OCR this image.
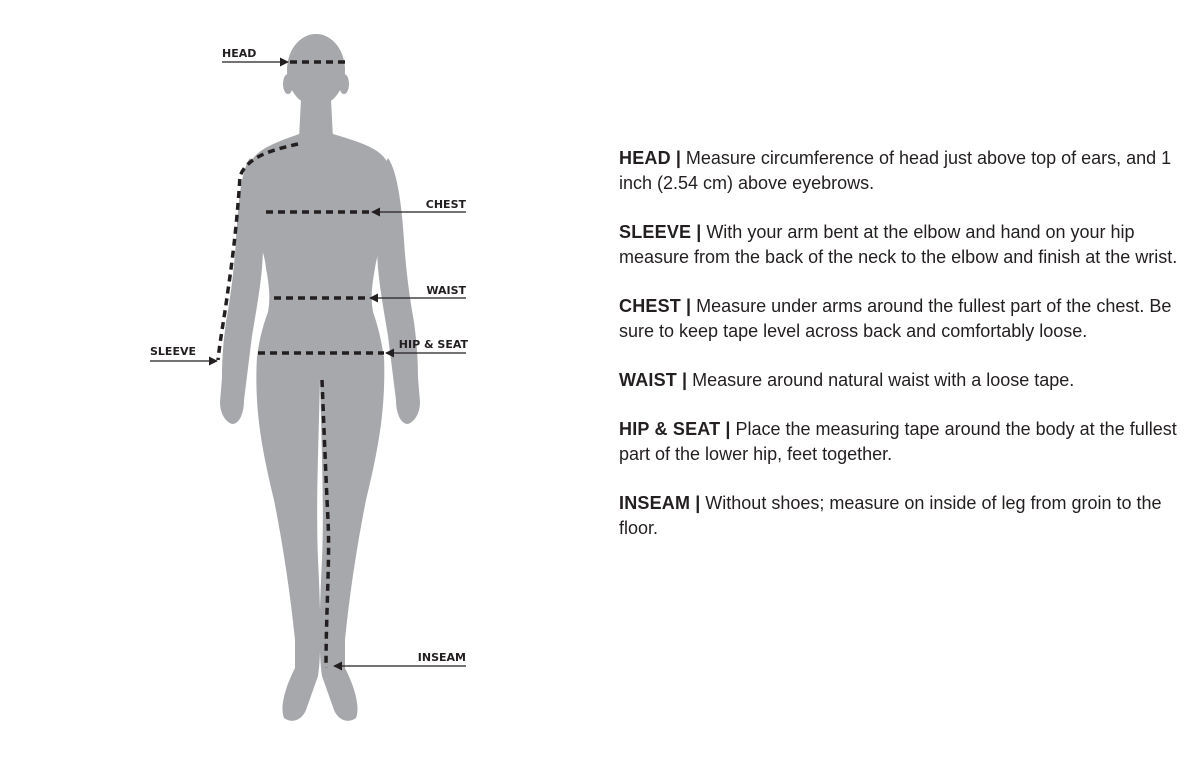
HEAD
CHEST
WAIST
SLEEVE
HIP & SEAT
INSEAM

HEAD | Measure circumference of head just above top of ears, and 1 inch (2.54 cm) above eyebrows.

SLEEVE | With your arm bent at the elbow and hand on your hip measure from the back of the neck to the elbow and finish at the wrist.

CHEST | Measure under arms around the fullest part of the chest. Be sure to keep tape level across back and comfortably loose.

WAIST | Measure around natural waist with a loose tape.

HIP & SEAT | Place the measuring tape around the body at the fullest part of the lower hip, feet together.

INSEAM | Without shoes; measure on inside of leg from groin to the floor.
